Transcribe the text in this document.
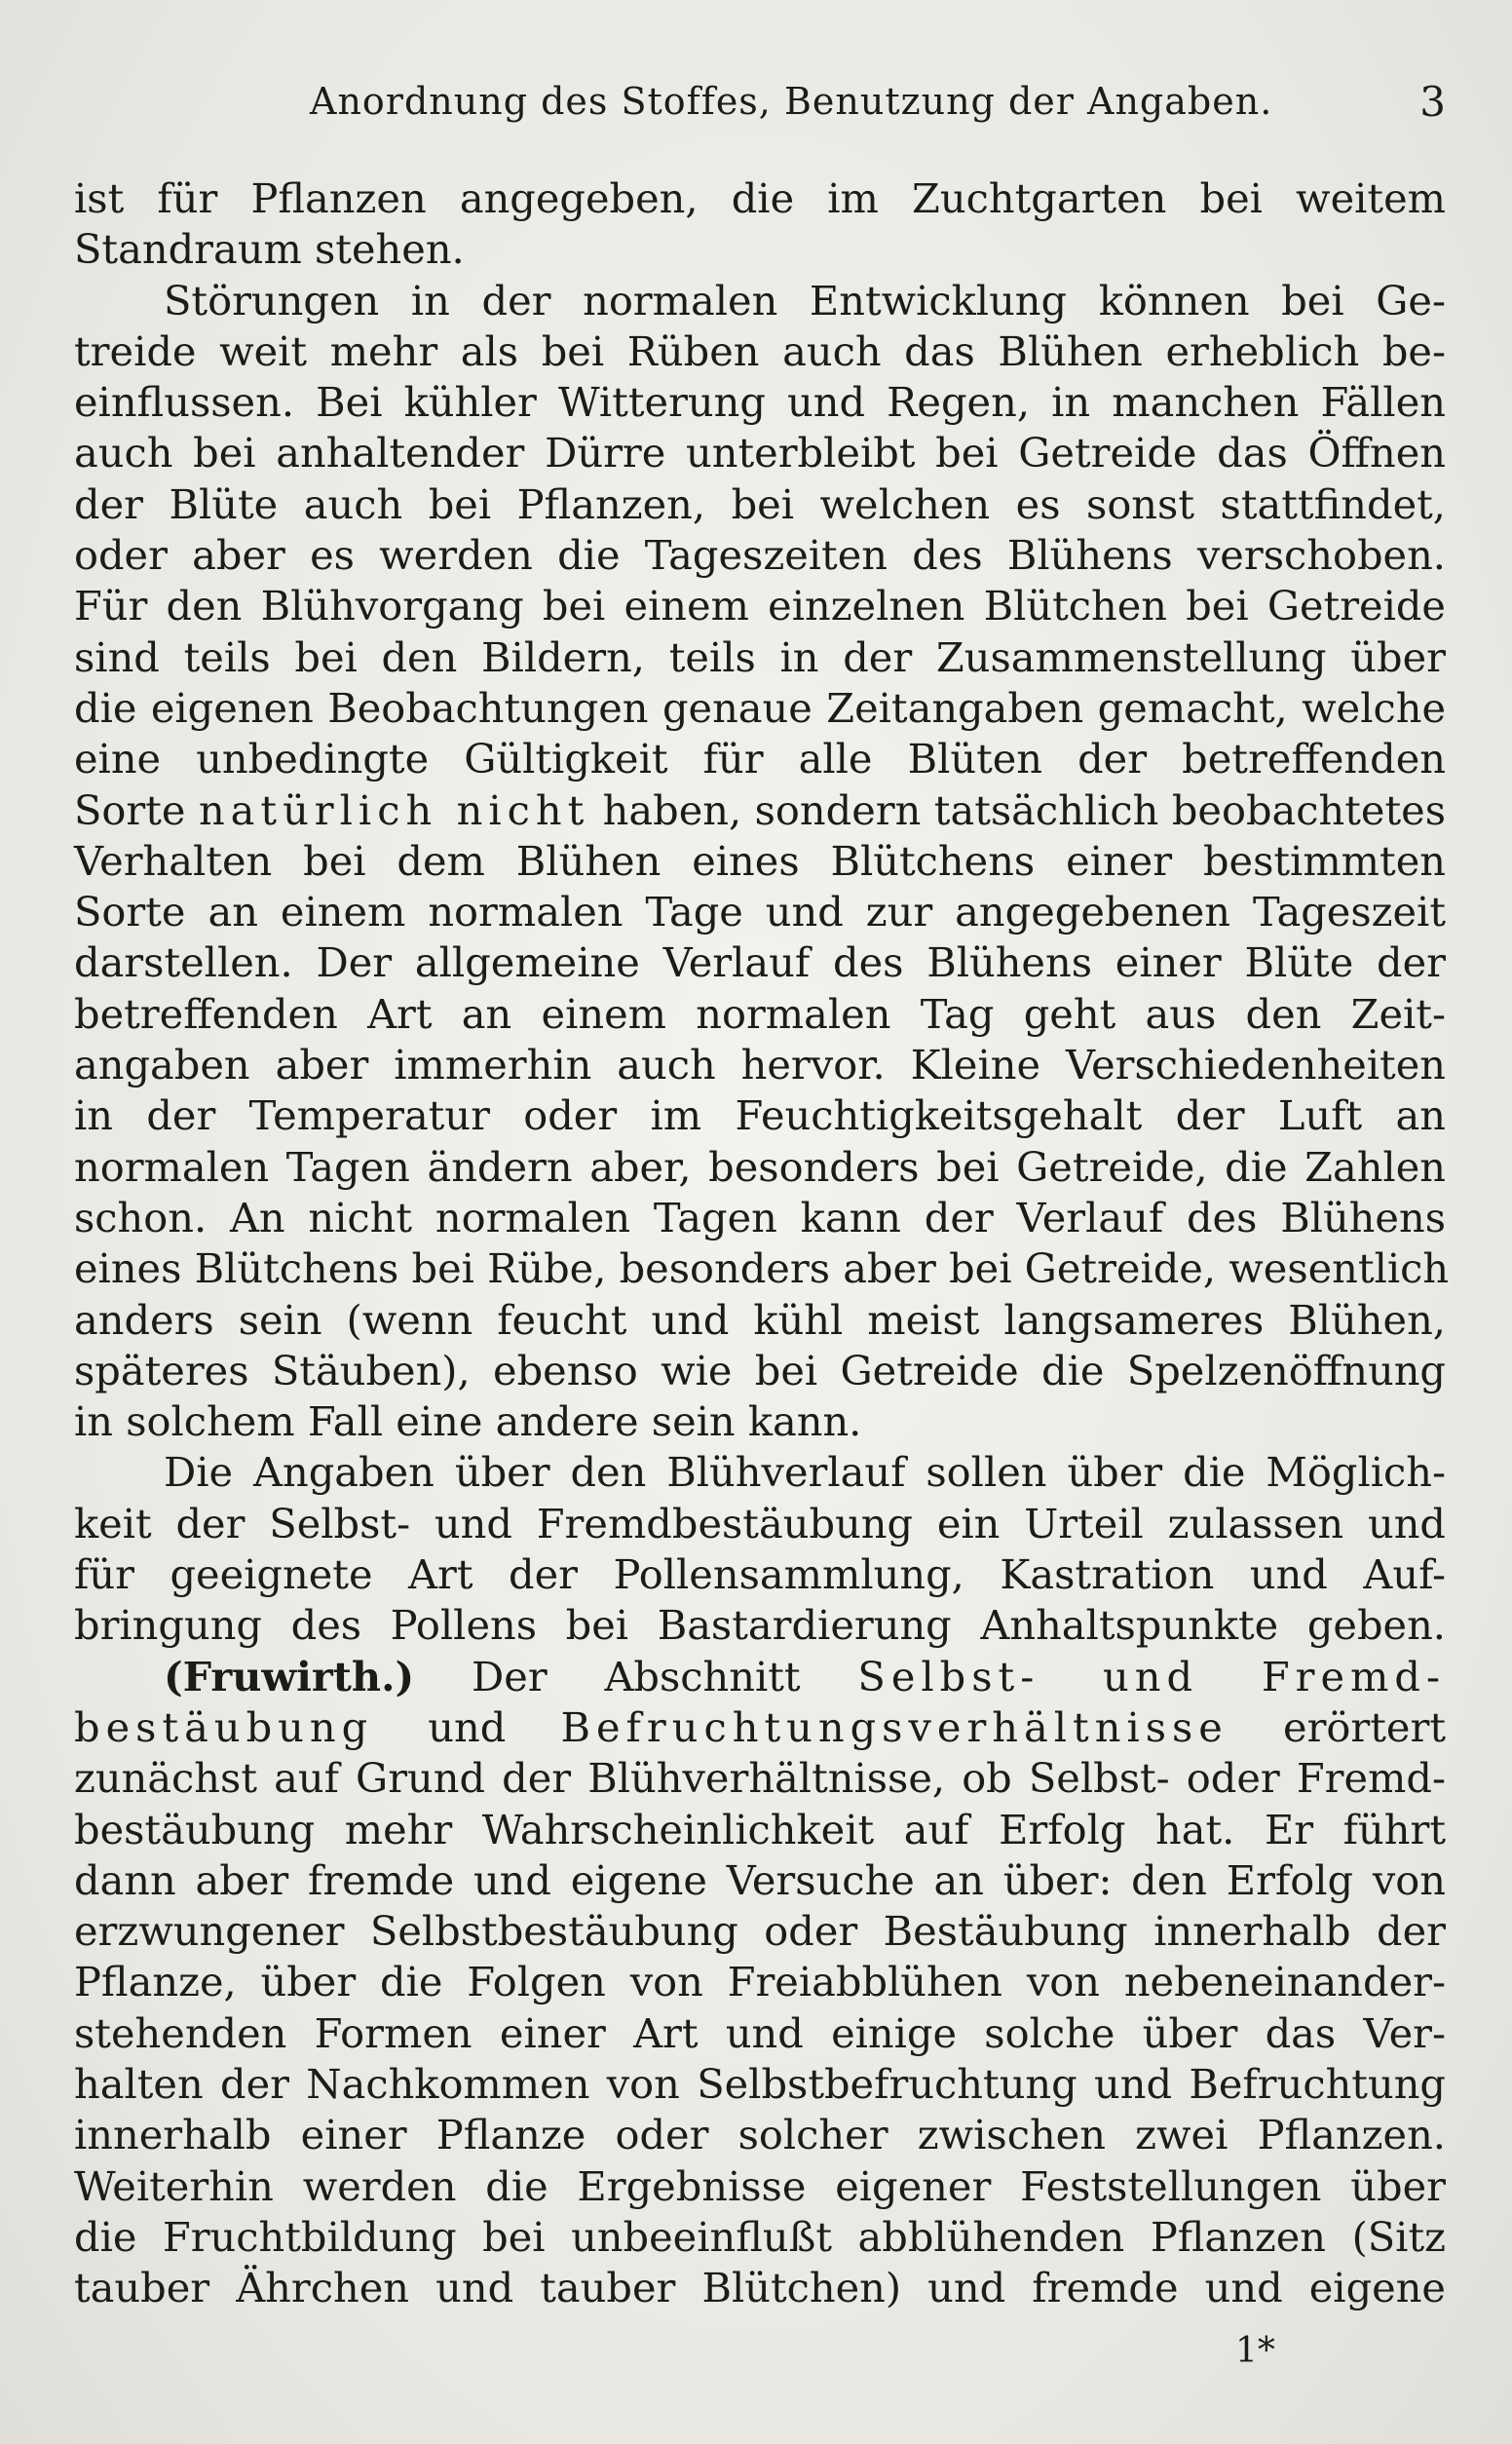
Anordnung des Stoffes, Benutzung der Angaben.	3
ist für Pflanzen angegeben, die im Zuchtgarten bei weitem
Standraum stehen.
Störungen in der normalen Entwicklung können bei Ge-
treide weit mehr als bei Rüben auch das Blühen erheblich be-
einflussen. Bei kühler Witterung und Regen, in manchen Fällen
auch bei anhaltender Dürre unterbleibt bei Getreide das Öffnen
der Blüte auch bei Pflanzen, bei welchen es sonst stattfindet,
oder aber es werden die Tageszeiten des Blühens verschoben.
Für den Blühvorgang bei einem einzelnen Blütchen bei Getreide
sind teils bei den Bildern, teils in der Zusammenstellung über
die eigenen Beobachtungen genaue Zeitangaben gemacht, welche
eine unbedingte Gültigkeit für alle Blüten der betreffenden
Sorte natürlich nicht haben, sondern tatsächlich beobachtetes
Verhalten bei dem Blühen eines Blütchens einer bestimmten
Sorte an einem normalen Tage und zur angegebenen Tageszeit
darstellen. Der allgemeine Verlauf des Blühens einer Blüte der
betreffenden Art an einem normalen Tag geht aus den Zeit-
angaben aber immerhin auch hervor. Kleine Verschiedenheiten
in der Temperatur oder im Feuchtigkeitsgehalt der Luft an
normalen Tagen ändern aber, besonders bei Getreide, die Zahlen
schon. An nicht normalen Tagen kann der Verlauf des Blühens
eines Blütchens bei Rübe, besonders aber bei Getreide, wesentlich
anders sein (wenn feucht und kühl meist langsameres Blühen,
späteres Stäuben), ebenso wie bei Getreide die Spelzenöffnung
in solchem Fall eine andere sein kann.
Die Angaben über den Blühverlauf sollen über die Möglich-
keit der Selbst- und Fremdbestäubung ein Urteil zulassen und
für geeignete Art der Pollensammlung, Kastration und Auf-
bringung des Pollens bei Bastardierung Anhaltspunkte geben.
(Fruwirth.) Der Abschnitt Selbst- und Fremd-
bestäubung und Befruchtungsverhältnisse erörtert
zunächst auf Grund der Blühverhältnisse, ob Selbst- oder Fremd-
bestäubung mehr Wahrscheinlichkeit auf Erfolg hat. Er führt
dann aber fremde und eigene Versuche an über: den Erfolg von
erzwungener Selbstbestäubung oder Bestäubung innerhalb der
Pflanze, über die Folgen von Freiabblühen von nebeneinander-
stehenden Formen einer Art und einige solche über das Ver-
halten der Nachkommen von Selbstbefruchtung und Befruchtung
innerhalb einer Pflanze oder solcher zwischen zwei Pflanzen.
Weiterhin werden die Ergebnisse eigener Feststellungen über
die Fruchtbildung bei unbeeinflußt abblühenden Pflanzen (Sitz
tauber Ährchen und tauber Blütchen) und fremde und eigene
1*
